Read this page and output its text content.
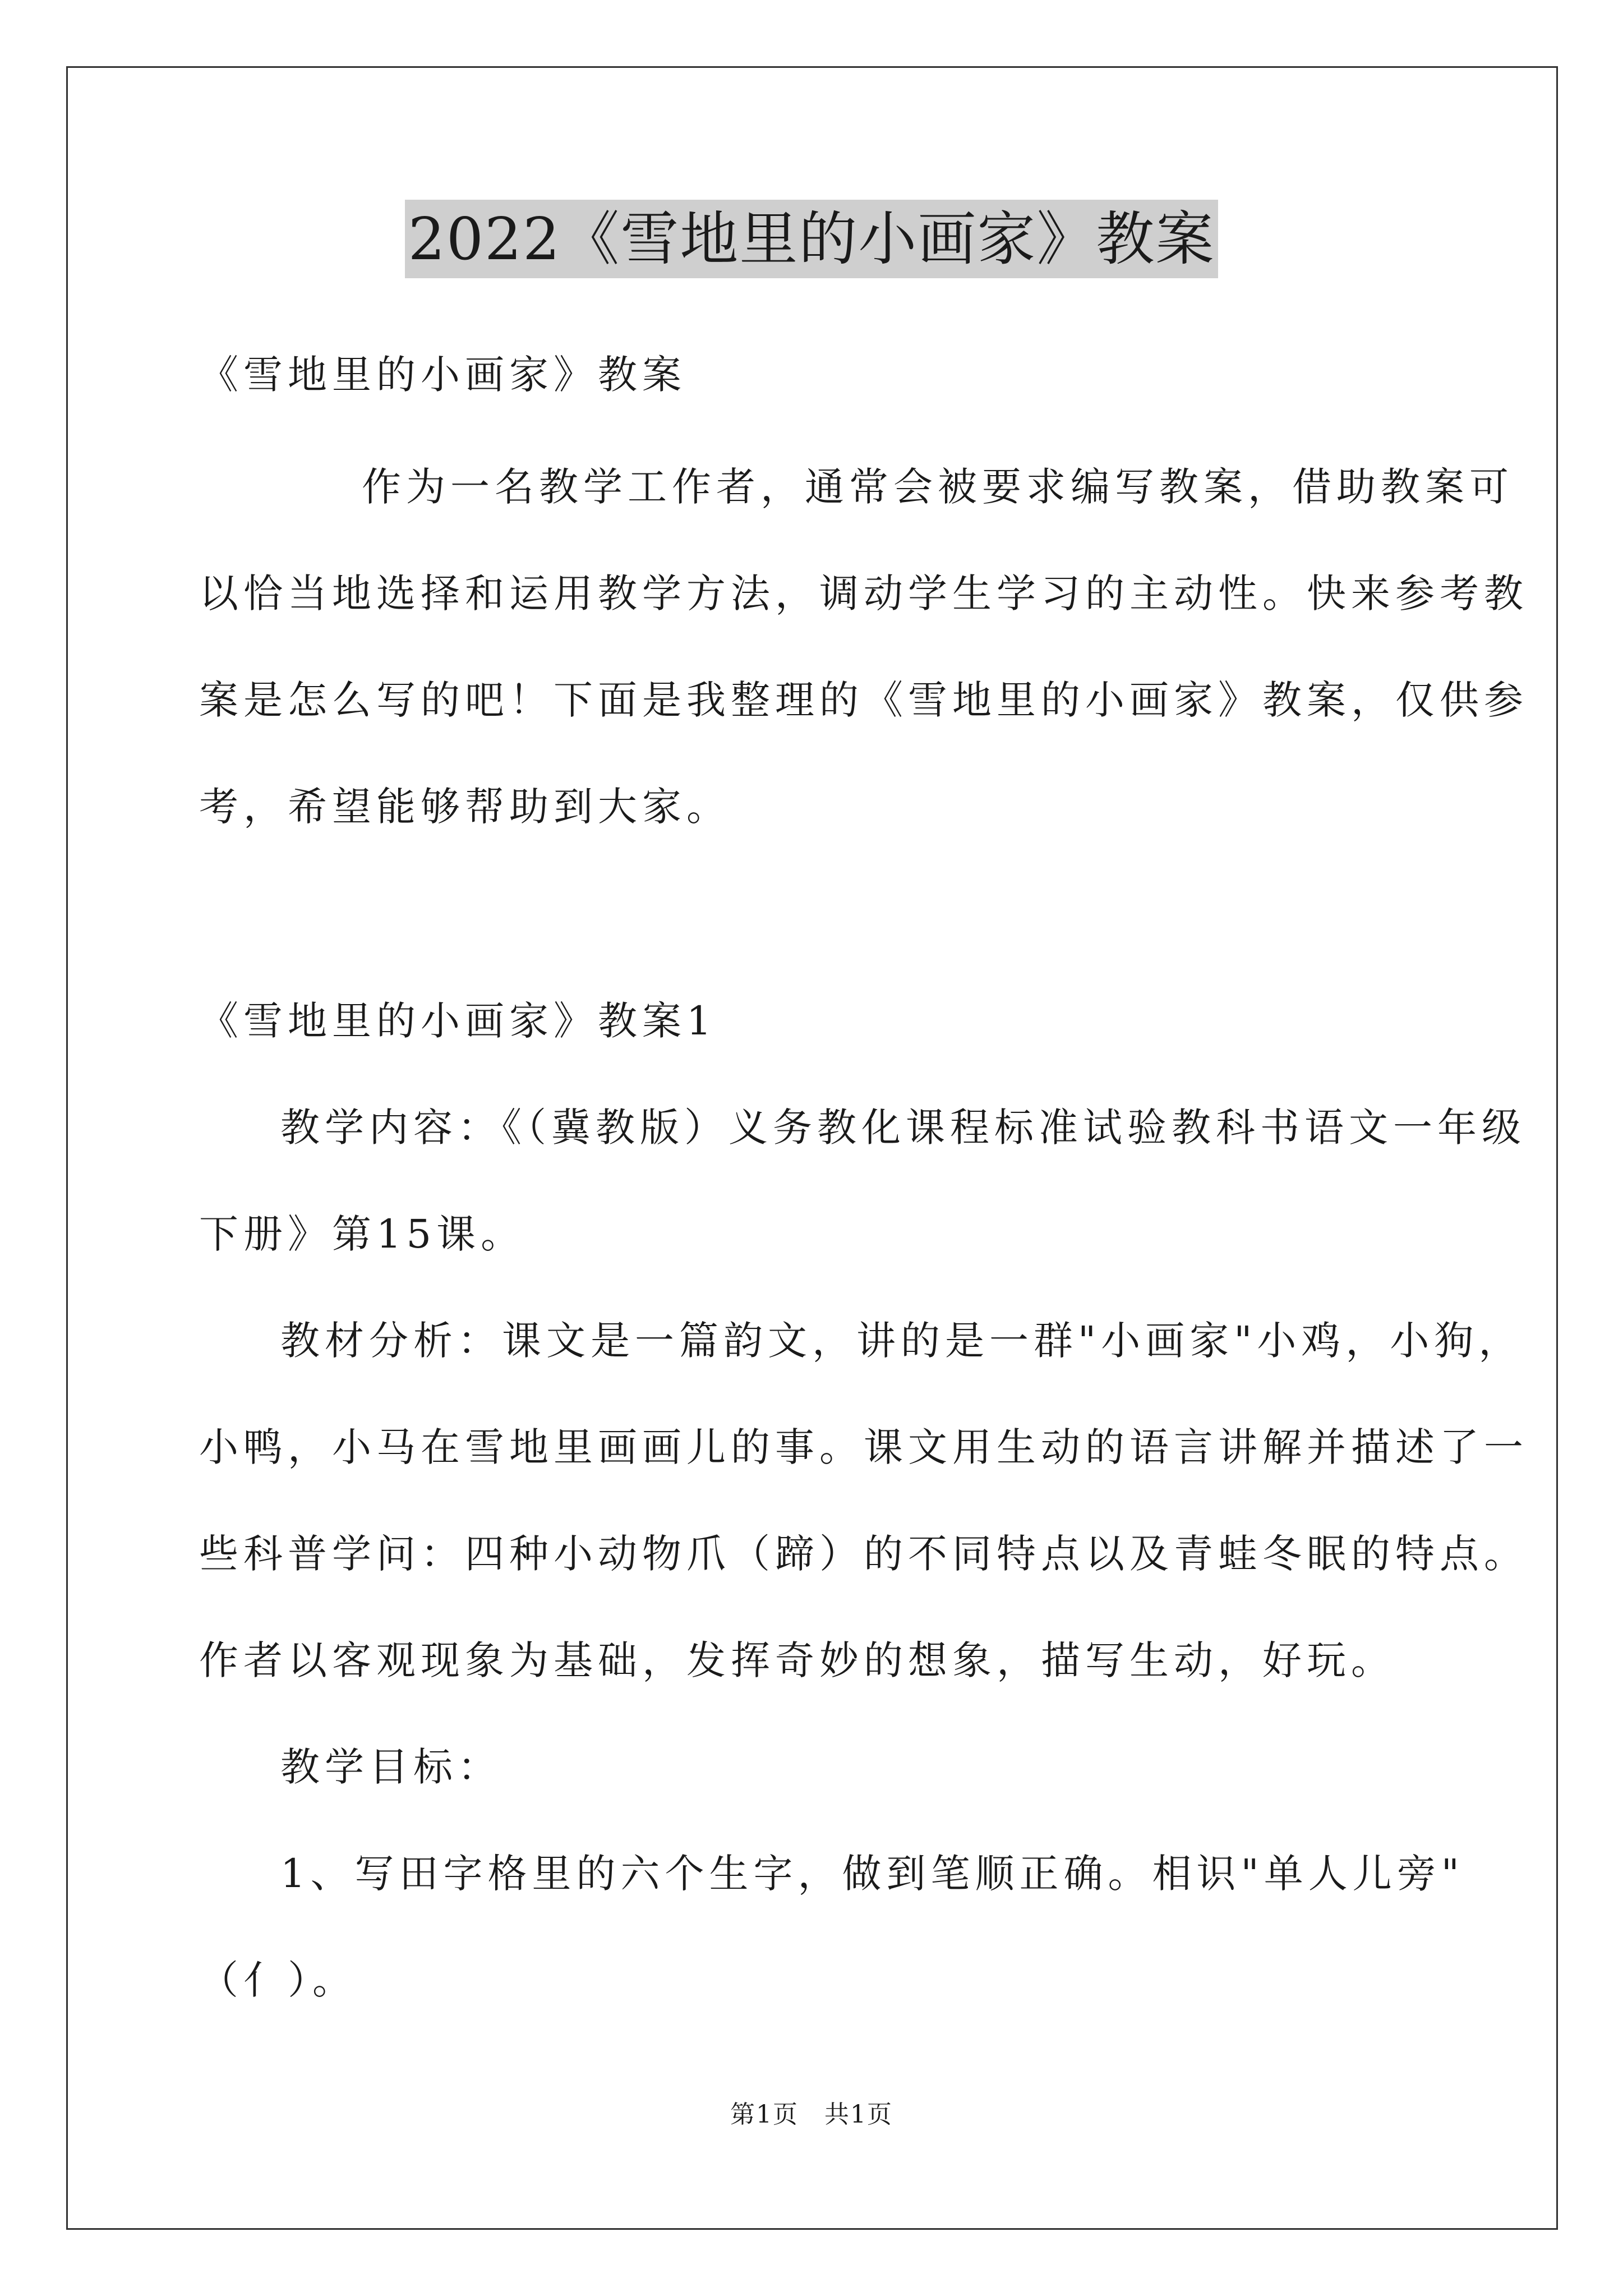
2022《雪地里的小画家》教案
《雪地里的小画家》教案
作为一名教学工作者，通常会被要求编写教案，借助教案可
以恰当地选择和运用教学方法，调动学生学习的主动性。快来参考教
案是怎么写的吧！下面是我整理的《雪地里的小画家》教案，仅供参
考，希望能够帮助到大家。
《雪地里的小画家》教案1
教学内容：《（冀教版）义务教化课程标准试验教科书语文一年级
下册》第15课。
教材分析：课文是一篇韵文，讲的是一群"小画家"小鸡，小狗，
小鸭，小马在雪地里画画儿的事。课文用生动的语言讲解并描述了一
些科普学问：四种小动物爪（蹄）的不同特点以及青蛙冬眠的特点。
作者以客观现象为基础，发挥奇妙的想象，描写生动，好玩。
教学目标：
1、写田字格里的六个生字，做到笔顺正确。相识"单人儿旁"
（亻）。
第1页　共1页
